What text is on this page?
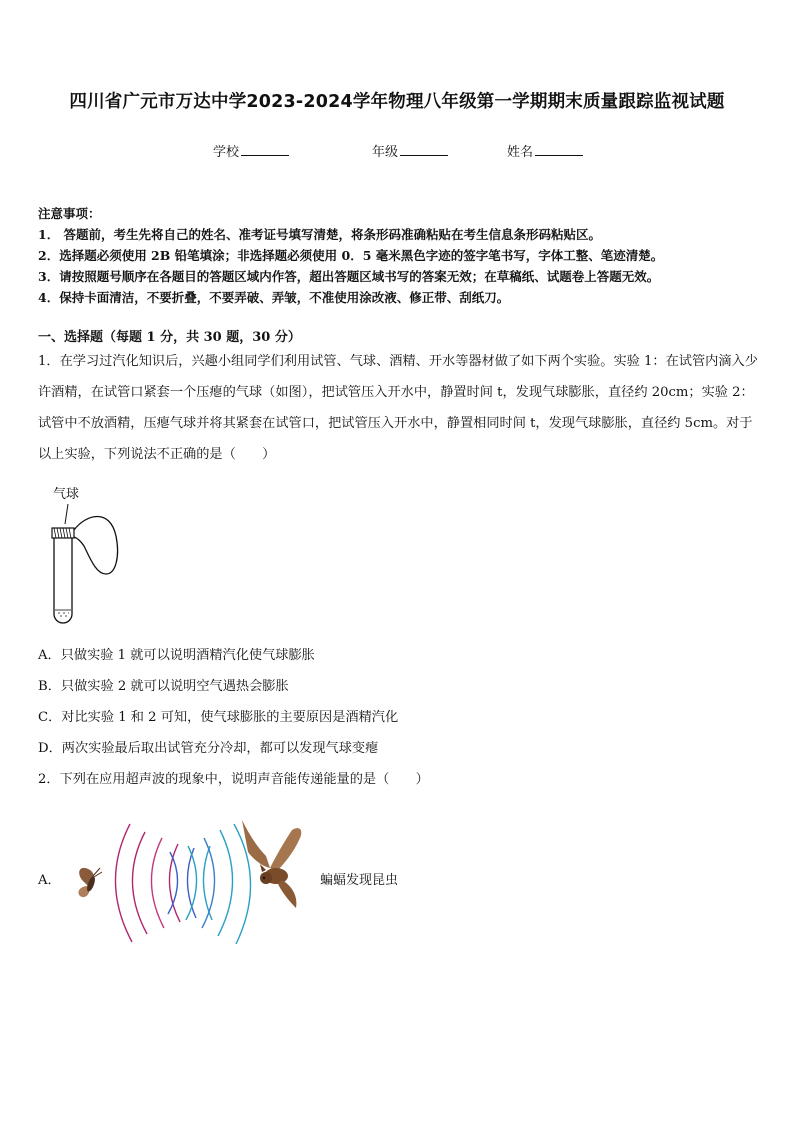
四川省广元市万达中学2023-2024学年物理八年级第一学期期末质量跟踪监视试题
学校	年级	姓名
注意事项：
1． 答题前，考生先将自己的姓名、准考证号填写清楚，将条形码准确粘贴在考生信息条形码粘贴区。
2．选择题必须使用 2B 铅笔填涂；非选择题必须使用 0．5 毫米黑色字迹的签字笔书写，字体工整、笔迹清楚。
3．请按照题号顺序在各题目的答题区域内作答，超出答题区域书写的答案无效；在草稿纸、试题卷上答题无效。
4．保持卡面清洁，不要折叠，不要弄破、弄皱，不准使用涂改液、修正带、刮纸刀。
一、选择题（每题 1 分，共 30 题，30 分）
1．在学习过汽化知识后，兴趣小组同学们利用试管、气球、酒精、开水等器材做了如下两个实验。实验 1：在试管内滴入少许酒精，在试管口紧套一个压瘪的气球（如图），把试管压入开水中，静置时间 t，发现气球膨胀，直径约 20cm；实验 2：试管中不放酒精，压瘪气球并将其紧套在试管口，把试管压入开水中，静置相同时间 t，发现气球膨胀，直径约 5cm。对于以上实验，下列说法不正确的是（　　）
气球
A．只做实验 1 就可以说明酒精汽化使气球膨胀
B．只做实验 2 就可以说明空气遇热会膨胀
C．对比实验 1 和 2 可知，使气球膨胀的主要原因是酒精汽化
D．两次实验最后取出试管充分冷却，都可以发现气球变瘪
2．下列在应用超声波的现象中，说明声音能传递能量的是（　　）
A．	蝙蝠发现昆虫
